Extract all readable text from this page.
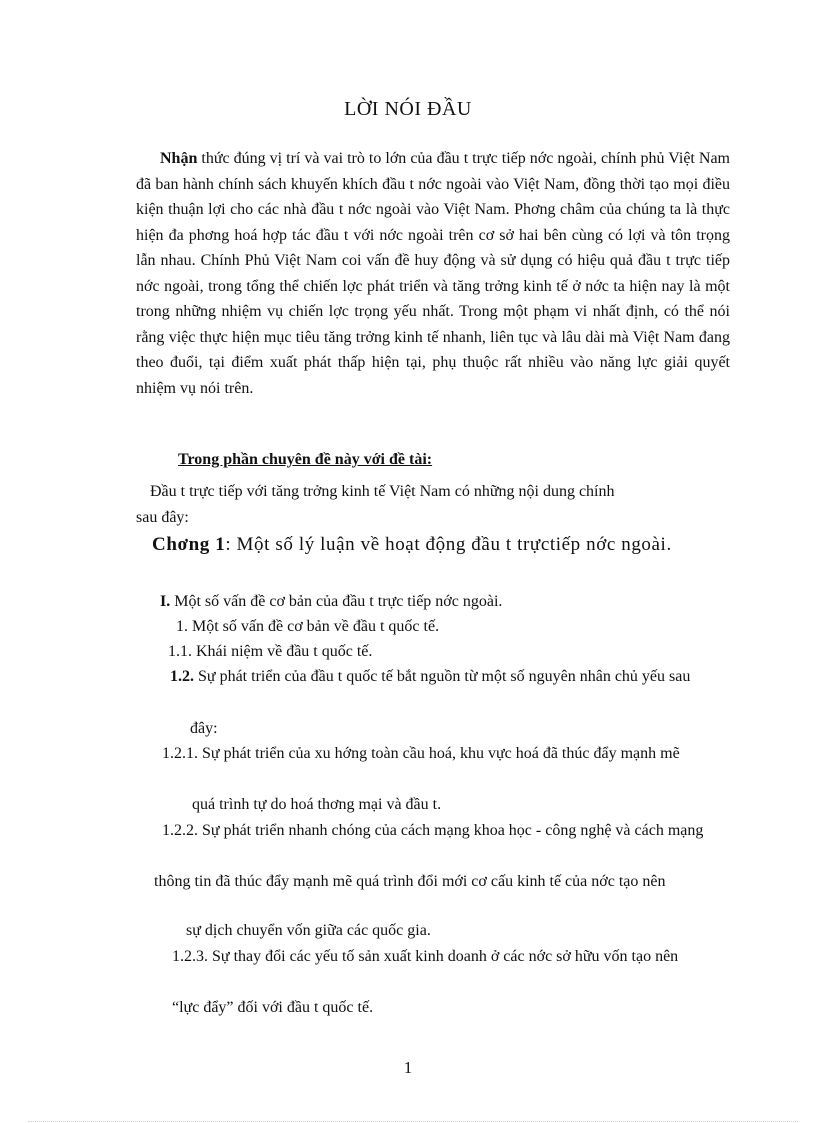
LỜI NÓI ĐẦU
Nhận thức đúng vị trí và vai trò to lớn của đầu t trực tiếp nớc ngoài, chính phủ Việt Nam đã ban hành chính sách khuyến khích đầu t nớc ngoài vào Việt Nam, đồng thời tạo mọi điều kiện thuận lợi cho các nhà đầu t nớc ngoài vào Việt Nam. Phơng châm của chúng ta là thực hiện đa phơng hoá hợp tác đầu t với nớc ngoài trên cơ sở hai bên cùng có lợi và tôn trọng lẫn nhau. Chính Phủ Việt Nam coi vấn đề huy động và sử dụng có hiệu quả đầu t trực tiếp nớc ngoài, trong tổng thể chiến lợc phát triển và tăng trởng kinh tế ở nớc ta hiện nay là một trong những nhiệm vụ chiến lợc trọng yếu nhất. Trong một phạm vi nhất định, có thể nói rằng việc thực hiện mục tiêu tăng trởng kinh tế nhanh, liên tục và lâu dài mà Việt Nam đang theo đuổi, tại điểm xuất phát thấp hiện tại, phụ thuộc rất nhiều vào năng lực giải quyết nhiệm vụ nói trên.
Trong phần chuyên đề này với đề tài:
Đầu t trực tiếp với tăng trởng kinh tế Việt Nam có những nội dung chính
sau đây:
Chơng 1: Một số lý luận về hoạt động đầu t trựctiếp nớc ngoài.
I. Một số vấn đề cơ bản của đầu t trực tiếp nớc ngoài.
1. Một số vấn đề cơ bản về đầu t quốc tế.
1.1. Khái niệm về đầu t quốc tế.
1.2. Sự phát triển của đầu t quốc tế bắt nguồn từ một số nguyên nhân chủ yếu sau
đây:
1.2.1. Sự phát triển của xu hớng toàn cầu hoá, khu vực hoá đã thúc đẩy mạnh mẽ
quá trình tự do hoá thơng mại và đầu t.
1.2.2. Sự phát triển nhanh chóng của cách mạng khoa học - công nghệ và cách mạng
thông tin đã thúc đẩy mạnh mẽ quá trình đổi mới cơ cấu kinh tế của nớc tạo nên
sự dịch chuyển vốn giữa các quốc gia.
1.2.3. Sự thay đổi các yếu tố sản xuất kinh doanh ở các nớc sở hữu vốn tạo nên
“lực đẩy” đối với đầu t quốc tế.
1
